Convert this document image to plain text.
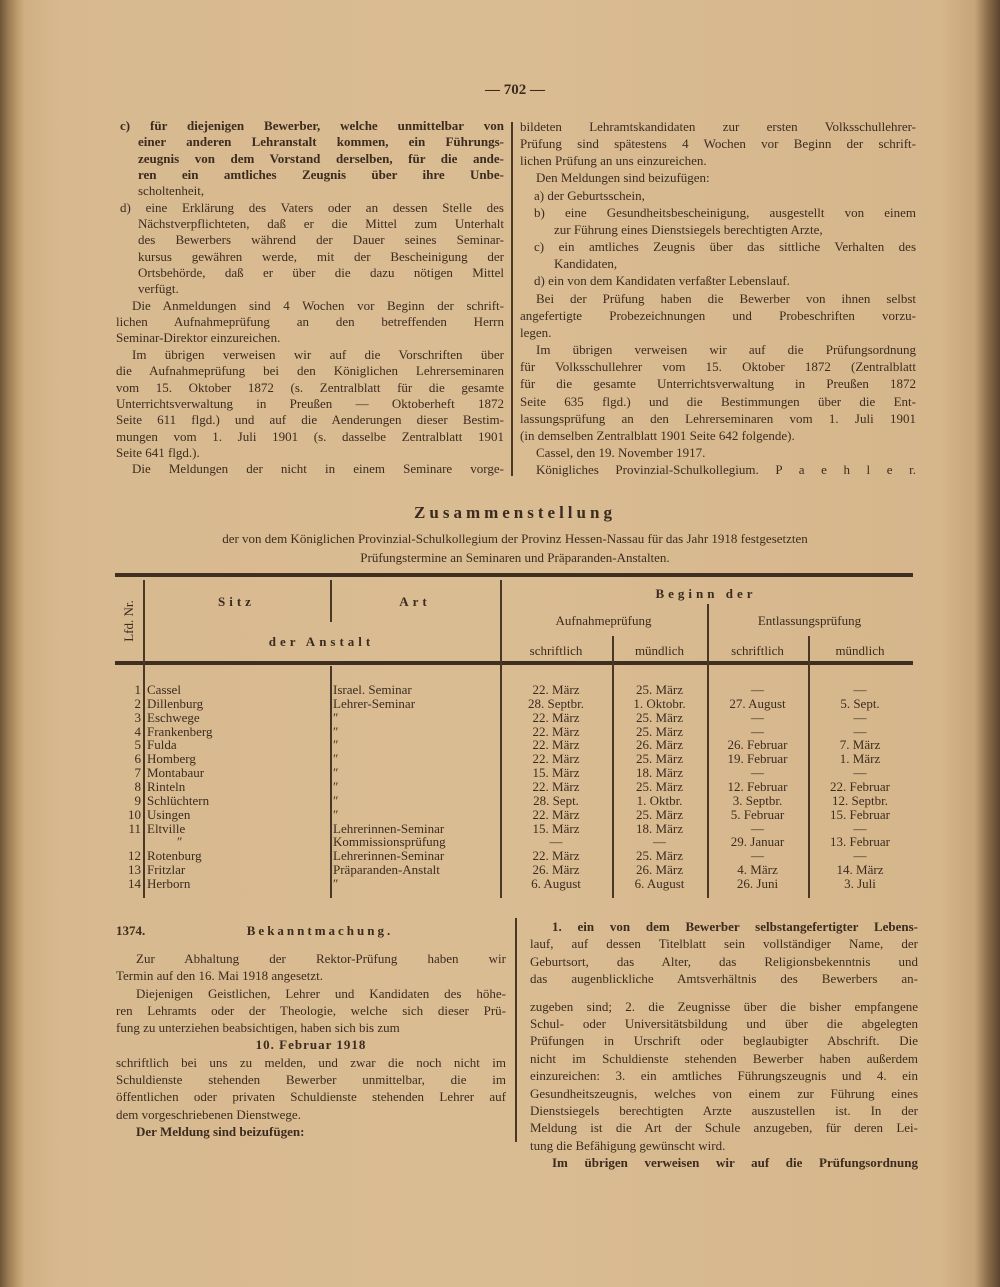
— 702 —
c) für diejenigen Bewerber, welche unmittelbar von
einer anderen Lehranstalt kommen, ein Führungs-
zeugnis von dem Vorstand derselben, für die ande-
ren ein amtliches Zeugnis über ihre Unbe-
scholtenheit,
d) eine Erklärung des Vaters oder an dessen Stelle des
Nächstverpflichteten, daß er die Mittel zum Unterhalt
des Bewerbers während der Dauer seines Seminar-
kursus gewähren werde, mit der Bescheinigung der
Ortsbehörde, daß er über die dazu nötigen Mittel
verfügt.
Die Anmeldungen sind 4 Wochen vor Beginn der schrift-
lichen Aufnahmeprüfung an den betreffenden Herrn
Seminar-Direktor einzureichen.
Im übrigen verweisen wir auf die Vorschriften über
die Aufnahmeprüfung bei den Königlichen Lehrerseminaren
vom 15. Oktober 1872 (s. Zentralblatt für die gesamte
Unterrichtsverwaltung in Preußen — Oktoberheft 1872
Seite 611 flgd.) und auf die Aenderungen dieser Bestim-
mungen vom 1. Juli 1901 (s. dasselbe Zentralblatt 1901
Seite 641 flgd.).
Die Meldungen der nicht in einem Seminare vorge-
bildeten Lehramtskandidaten zur ersten Volksschullehrer-
Prüfung sind spätestens 4 Wochen vor Beginn der schrift-
lichen Prüfung an uns einzureichen.
Den Meldungen sind beizufügen:
a) der Geburtsschein,
b) eine Gesundheitsbescheinigung, ausgestellt von einem
zur Führung eines Dienstsiegels berechtigten Arzte,
c) ein amtliches Zeugnis über das sittliche Verhalten des
Kandidaten,
d) ein von dem Kandidaten verfaßter Lebenslauf.
Bei der Prüfung haben die Bewerber von ihnen selbst
angefertigte Probezeichnungen und Probeschriften vorzu-
legen.
Im übrigen verweisen wir auf die Prüfungsordnung
für Volksschullehrer vom 15. Oktober 1872 (Zentralblatt
für die gesamte Unterrichtsverwaltung in Preußen 1872
Seite 635 flgd.) und die Bestimmungen über die Ent-
lassungsprüfung an den Lehrerseminaren vom 1. Juli 1901
(in demselben Zentralblatt 1901 Seite 642 folgende).
Cassel, den 19. November 1917.
Königliches Provinzial-Schulkollegium. P a e h l e r.
Zusammenstellung
der von dem Königlichen Provinzial-Schulkollegium der Provinz Hessen-Nassau für das Jahr 1918 festgesetzten
Prüfungstermine an Seminaren und Präparanden-Anstalten.
Lfd. Nr.	Sitz	Art
der Anstalt
Beginn der
Aufnahmeprüfung	Entlassungsprüfung
schriftlich	mündlich	schriftlich	mündlich
1 Cassel	Israel. Seminar	22. März	25. März	—	—
2 Dillenburg	Lehrer-Seminar	28. Septbr.	1. Oktobr.	27. August	5. Sept.
3 Eschwege	″	22. März	25. März	—	—
4 Frankenberg	″	22. März	25. März	—	—
5 Fulda	″	22. März	26. März	26. Februar	7. März
6 Homberg	″	22. März	25. März	19. Februar	1. März
7 Montabaur	″	15. März	18. März	—	—
8 Rinteln	″	22. März	25. März	12. Februar	22. Februar
9 Schlüchtern	″	28. Sept.	1. Oktbr.	3. Septbr.	12. Septbr.
10 Usingen	″	22. März	25. März	5. Februar	15. Februar
11 Eltville	Lehrerinnen-Seminar	15. März	18. März	—	—
″	Kommissionsprüfung	—	—	29. Januar	13. Februar
12 Rotenburg	Lehrerinnen-Seminar	22. März	25. März	—	—
13 Fritzlar	Präparanden-Anstalt	26. März	26. März	4. März	14. März
14 Herborn	″	6. August	6. August	26. Juni	3. Juli
1374.	Bekanntmachung.
Zur Abhaltung der Rektor-Prüfung haben wir
Termin auf den 16. Mai 1918 angesetzt.
Diejenigen Geistlichen, Lehrer und Kandidaten des höhe-
ren Lehramts oder der Theologie, welche sich dieser Prü-
fung zu unterziehen beabsichtigen, haben sich bis zum
10. Februar 1918
schriftlich bei uns zu melden, und zwar die noch nicht im
Schuldienste stehenden Bewerber unmittelbar, die im
öffentlichen oder privaten Schuldienste stehenden Lehrer auf
dem vorgeschriebenen Dienstwege.
Der Meldung sind beizufügen:
1. ein von dem Bewerber selbstangefertigter Lebens-
lauf, auf dessen Titelblatt sein vollständiger Name, der
Geburtsort, das Alter, das Religionsbekenntnis und
das augenblickliche Amtsverhältnis des Bewerbers an-
zugeben sind; 2. die Zeugnisse über die bisher empfangene
Schul- oder Universitätsbildung und über die abgelegten
Prüfungen in Urschrift oder beglaubigter Abschrift. Die
nicht im Schuldienste stehenden Bewerber haben außerdem
einzureichen: 3. ein amtliches Führungszeugnis und 4. ein
Gesundheitszeugnis, welches von einem zur Führung eines
Dienstsiegels berechtigten Arzte auszustellen ist. In der
Meldung ist die Art der Schule anzugeben, für deren Lei-
tung die Befähigung gewünscht wird.
Im übrigen verweisen wir auf die Prüfungsordnung
